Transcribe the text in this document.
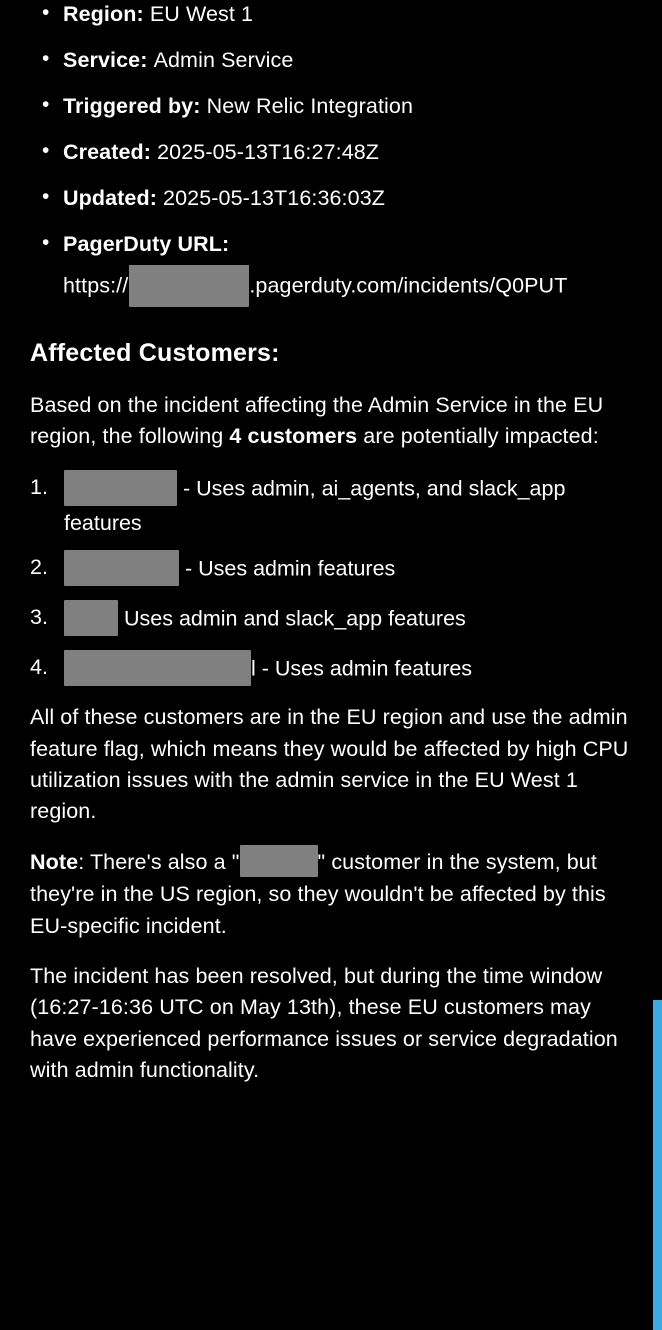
• Region: EU West 1
• Service: Admin Service
• Triggered by: New Relic Integration
• Created: 2025-05-13T16:27:48Z
• Updated: 2025-05-13T16:36:03Z
• PagerDuty URL:
https://	.pagerduty.com/incidents/Q0PUT
Affected Customers:

Based on the incident affecting the Admin Service in the EU region, the following 4 customers are potentially impacted:

- Uses admin, ai_agents, and slack_app features
- Uses admin features
Uses admin and slack_app features
l - Uses admin features

All of these customers are in the EU region and use the admin feature flag, which means they would be affected by high CPU utilization issues with the admin service in the EU West 1 region.

Note: There's also a "	" customer in the system, but they're in the US region, so they wouldn't be affected by this EU-specific incident.

The incident has been resolved, but during the time window (16:27-16:36 UTC on May 13th), these EU customers may have experienced performance issues or service degradation with admin functionality.
